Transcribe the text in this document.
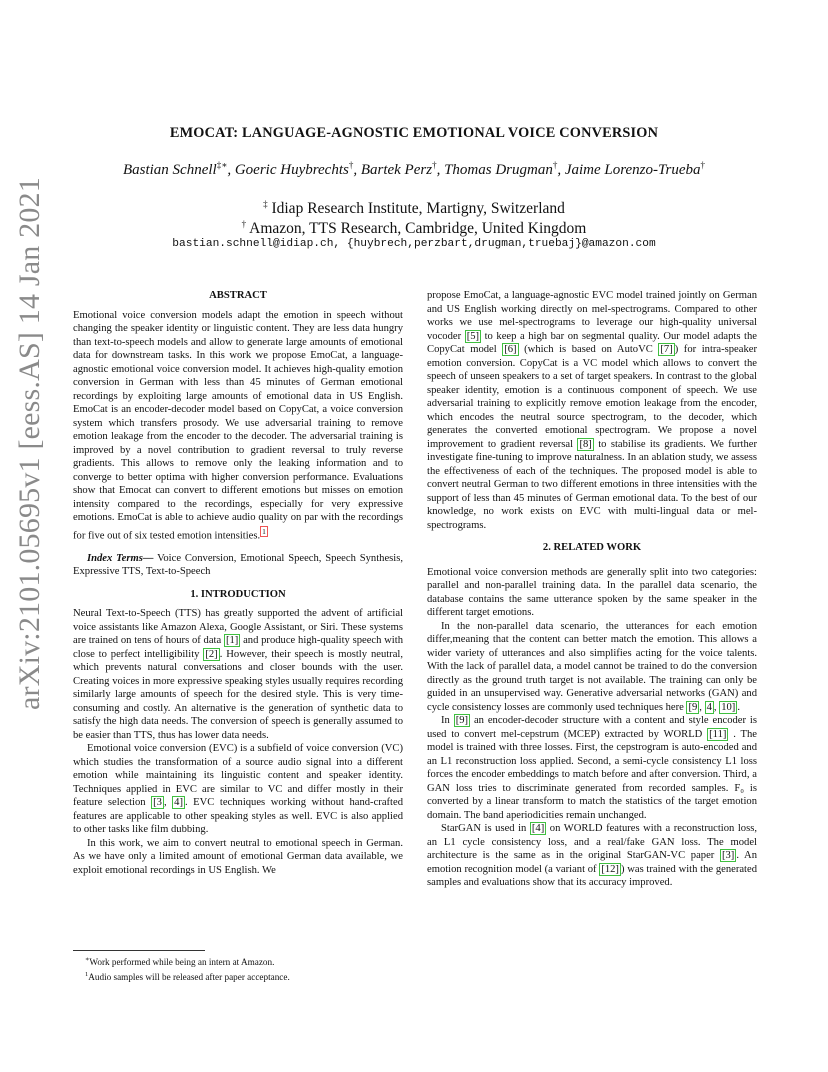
arXiv:2101.05695v1 [eess.AS] 14 Jan 2021
EMOCAT: LANGUAGE-AGNOSTIC EMOTIONAL VOICE CONVERSION
Bastian Schnell‡∗, Goeric Huybrechts†, Bartek Perz†, Thomas Drugman†, Jaime Lorenzo-Trueba†
‡ Idiap Research Institute, Martigny, Switzerland
† Amazon, TTS Research, Cambridge, United Kingdom
bastian.schnell@idiap.ch, {huybrech,perzbart,drugman,truebaj}@amazon.com
ABSTRACT

Emotional voice conversion models adapt the emotion in speech without changing the speaker identity or linguistic content. They are less data hungry than text-to-speech models and allow to generate large amounts of emotional data for downstream tasks. In this work we propose EmoCat, a language-agnostic emotional voice conversion model. It achieves high-quality emotion conversion in German with less than 45 minutes of German emotional recordings by exploiting large amounts of emotional data in US English. EmoCat is an encoder-decoder model based on CopyCat, a voice conversion system which transfers prosody. We use adversarial training to remove emotion leakage from the encoder to the decoder. The adversarial training is improved by a novel contribution to gradient reversal to truly reverse gradients. This allows to remove only the leaking information and to converge to better optima with higher conversion performance. Evaluations show that Emocat can convert to different emotions but misses on emotion intensity compared to the recordings, especially for very expressive emotions. EmoCat is able to achieve audio quality on par with the recordings for five out of six tested emotion intensities. $^1$

Index Terms— Voice Conversion, Emotional Speech, Speech Synthesis, Expressive TTS, Text-to-Speech

1. INTRODUCTION

Neural Text-to-Speech (TTS) has greatly supported the advent of artificial voice assistants like Amazon Alexa, Google Assistant, or Siri. These systems are trained on tens of hours of data [1] and produce high-quality speech with close to perfect intelligibility [2] . However, their speech is mostly neutral, which prevents natural conversations and closer bounds with the user. Creating voices in more expressive speaking styles usually requires recording similarly large amounts of speech for the desired style. This is very time-consuming and costly. An alternative is the generation of synthetic data to satisfy the high data needs. The conversion of speech is generally assumed to be easier than TTS, thus has lower data needs.

Emotional voice conversion (EVC) is a subfield of voice conversion (VC) which studies the transformation of a source audio signal into a different emotion while maintaining its linguistic content and speaker identity. Techniques applied in EVC are similar to VC and differ mostly in their feature selection [3 , 4] . EVC techniques working without hand-crafted features are applicable to other speaking styles as well. EVC is also applied to other tasks like film dubbing.

In this work, we aim to convert neutral to emotional speech in German. As we have only a limited amount of emotional German data available, we exploit emotional recordings in US English. We

propose EmoCat, a language-agnostic EVC model trained jointly on German and US English working directly on mel-spectrograms. Compared to other works we use mel-spectrograms to leverage our high-quality universal vocoder [5] to keep a high bar on segmental quality. Our model adapts the CopyCat model [6] (which is based on AutoVC [7] ) for intra-speaker emotion conversion. CopyCat is a VC model which allows to convert the speech of unseen speakers to a set of target speakers. In contrast to the global speaker identity, emotion is a continuous component of speech. We use adversarial training to explicitly remove emotion leakage from the encoder, which encodes the neutral source spectrogram, to the decoder, which generates the converted emotional spectrogram. We propose a novel improvement to gradient reversal [8] to stabilise its gradients. We further investigate fine-tuning to improve naturalness. In an ablation study, we assess the effectiveness of each of the techniques. The proposed model is able to convert neutral German to two different emotions in three intensities with the support of less than 45 minutes of German emotional data. To the best of our knowledge, no work exists on EVC with multi-lingual data or mel-spectrograms.

2. RELATED WORK

Emotional voice conversion methods are generally split into two categories: parallel and non-parallel training data. In the parallel data scenario, the database contains the same utterance spoken by the same speaker in the different target emotions.

In the non-parallel data scenario, the utterances for each emotion differ,meaning that the content can better match the emotion. This allows a wider variety of utterances and also simplifies acting for the voice talents. With the lack of parallel data, a model cannot be trained to do the conversion directly as the ground truth target is not available. The training can only be guided in an unsupervised way. Generative adversarial networks (GAN) and cycle consistency losses are commonly used techniques here [9 , 4 , 10] .

In [9] an encoder-decoder structure with a content and style encoder is used to convert mel-cepstrum (MCEP) extracted by WORLD [11] . The model is trained with three losses. First, the cepstrogram is auto-encoded and an L1 reconstruction loss applied. Second, a semi-cycle consistency L1 loss forces the encoder embeddings to match before and after conversion. Third, a GAN loss tries to discriminate generated from recorded samples. F₀ is converted by a linear transform to match the statistics of the target emotion domain. The band aperiodicities remain unchanged.

StarGAN is used in [4] on WORLD features with a reconstruction loss, an L1 cycle consistency loss, and a real/fake GAN loss. The model architecture is the same as in the original StarGAN-VC paper [3] . An emotion recognition model (a variant of [12] ) was trained with the generated samples and evaluations show that its accuracy improved.

∗Work performed while being an intern at Amazon.

$^1$Audio samples will be released after paper acceptance.
